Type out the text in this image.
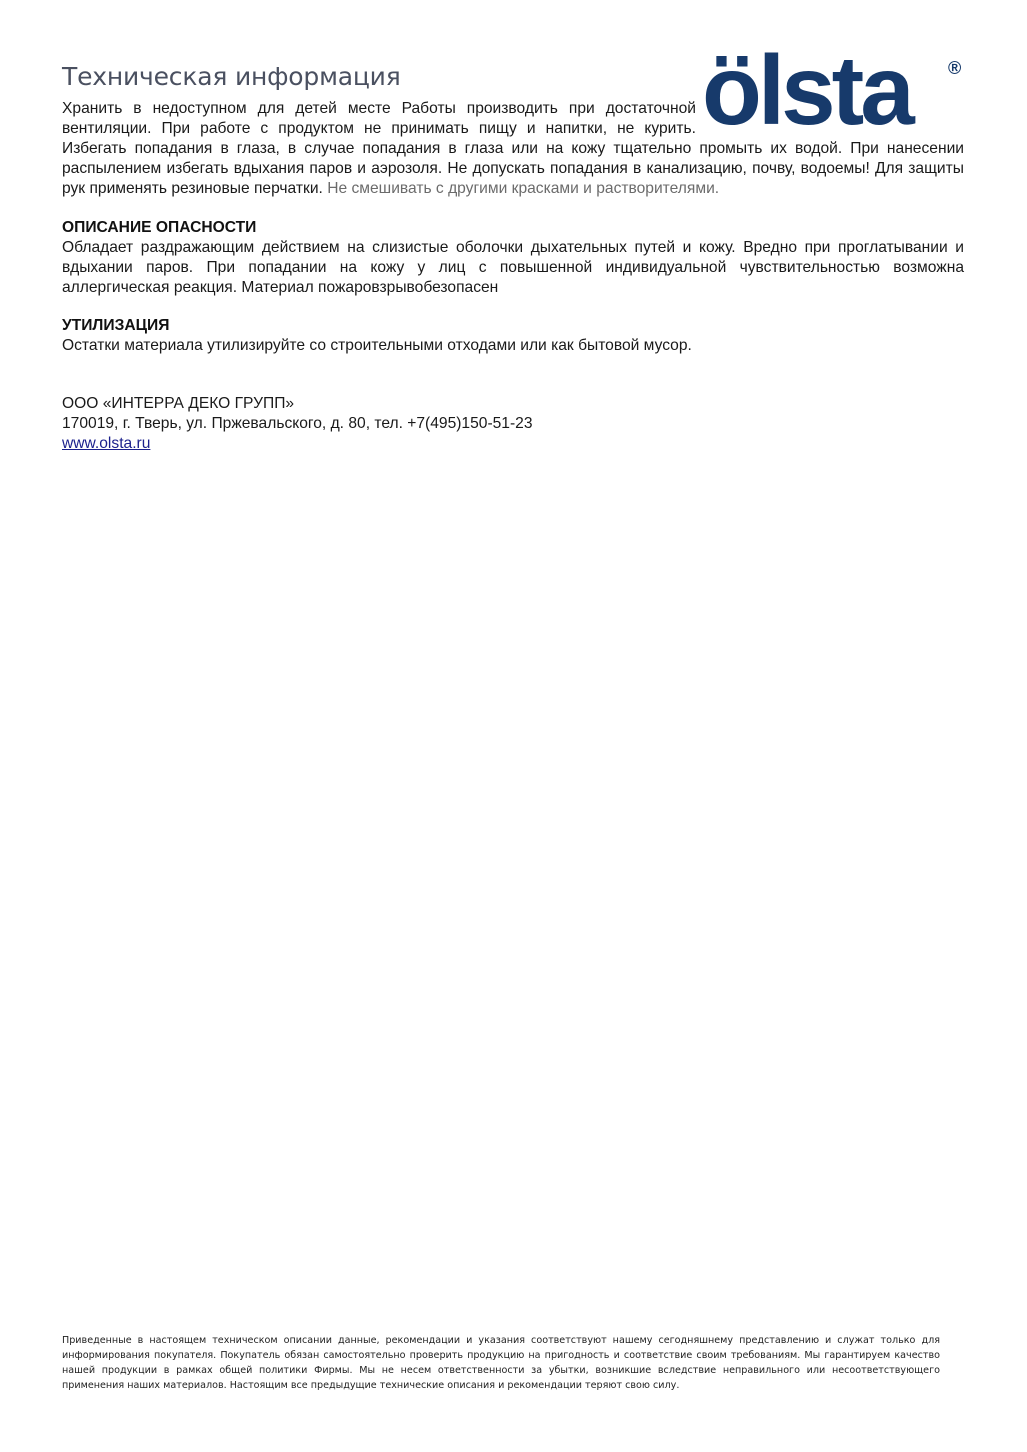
ölsta	®
Техническая информация

Хранить в недоступном для детей месте Работы производить при достаточной вентиляции. При работе с продуктом не принимать пищу и напитки, не курить. Избегать попадания в глаза, в случае попадания в глаза или на кожу тщательно промыть их водой. При нанесении распылением избегать вдыхания паров и аэрозоля. Не допускать попадания в канализацию, почву, водоемы! Для защиты рук применять резиновые перчатки. Не смешивать с другими красками и растворителями.

ОПИСАНИЕ ОПАСНОСТИ

Обладает раздражающим действием на слизистые оболочки дыхательных путей и кожу. Вредно при проглатывании и вдыхании паров. При попадании на кожу у лиц с повышенной индивидуальной чувствительностью возможна аллергическая реакция. Материал пожаровзрывобезопасен

УТИЛИЗАЦИЯ

Остатки материала утилизируйте со строительными отходами или как бытовой мусор.

ООО «ИНТЕРРА ДЕКО ГРУПП»
170019, г. Тверь, ул. Пржевальского, д. 80, тел. +7(495)150-51-23
www.olsta.ru

Приведенные в настоящем техническом описании данные, рекомендации и указания соответствуют нашему сегодняшнему представлению и служат только для информирования покупателя. Покупатель обязан самостоятельно проверить продукцию на пригодность и соответствие своим требованиям. Мы гарантируем качество нашей продукции в рамках общей политики Фирмы. Мы не несем ответственности за убытки, возникшие вследствие неправильного или несоответствующего применения наших материалов. Настоящим все предыдущие технические описания и рекомендации теряют свою силу.
